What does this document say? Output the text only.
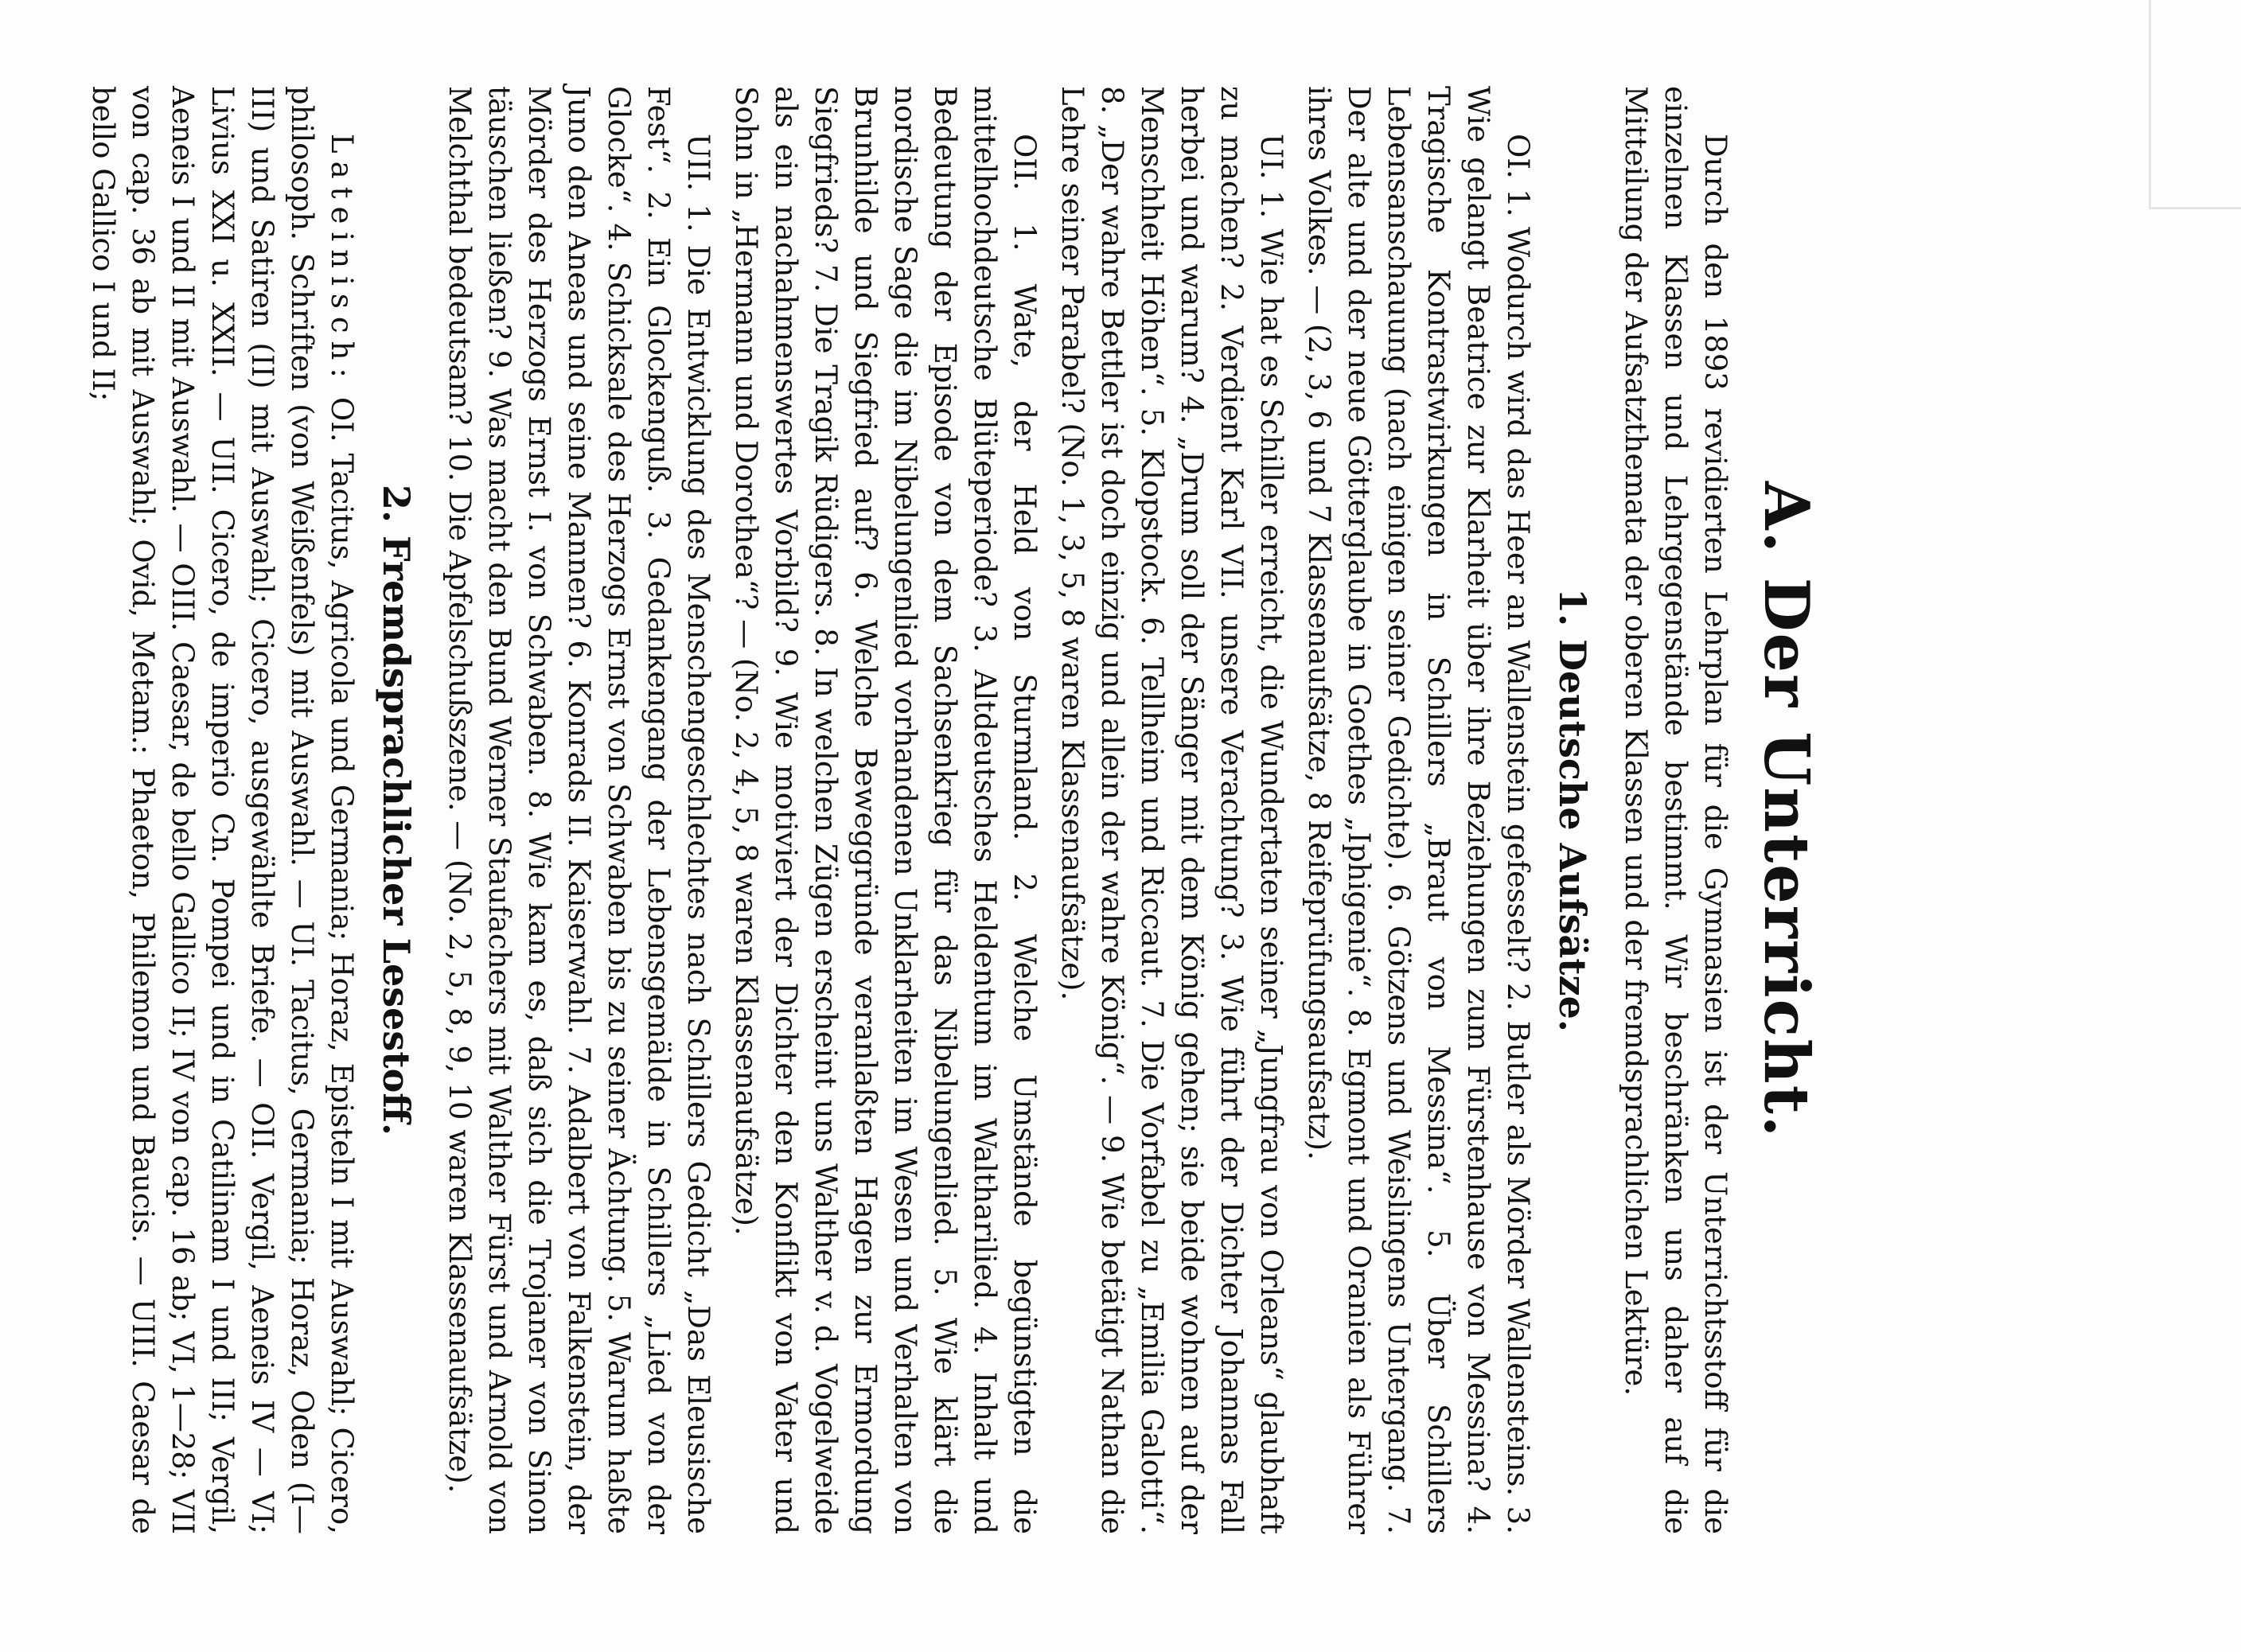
A. Der Unterricht.

Durch den 1893 revidierten Lehrplan für die Gymnasien ist der Unterrichtsstoff für die einzelnen Klassen und Lehrgegenstände bestimmt. Wir beschränken uns daher auf die Mitteilung der Aufsatzthemata der oberen Klassen und der fremdsprachlichen Lektüre.

1. Deutsche Aufsätze.

OI. 1. Wodurch wird das Heer an Wallenstein gefesselt? 2. Butler als Mörder Wallensteins. 3. Wie gelangt Beatrice zur Klarheit über ihre Beziehungen zum Fürstenhause von Messina? 4. Tragische Kontrastwirkungen in Schillers „Braut von Messina“. 5. Über Schillers Lebensanschauung (nach einigen seiner Gedichte). 6. Götzens und Weislingens Untergang. 7. Der alte und der neue Götterglaube in Goethes „Iphigenie“. 8. Egmont und Oranien als Führer ihres Volkes. — (2, 3, 6 und 7 Klassenaufsätze, 8 Reifeprüfungsaufsatz).

UI. 1. Wie hat es Schiller erreicht, die Wundertaten seiner „Jungfrau von Orleans“ glaubhaft zu machen? 2. Verdient Karl VII. unsere Verachtung? 3. Wie führt der Dichter Johannas Fall herbei und warum? 4. „Drum soll der Sänger mit dem König gehen; sie beide wohnen auf der Menschheit Höhen“. 5. Klopstock. 6. Tellheim und Riccaut. 7. Die Vorfabel zu „Emilia Galotti“. 8. „Der wahre Bettler ist doch einzig und allein der wahre König“. — 9. Wie betätigt Nathan die Lehre seiner Parabel? (No. 1, 3, 5, 8 waren Klassenaufsätze).

OII. 1. Wate, der Held von Sturmland. 2. Welche Umstände begünstigten die mittelhochdeutsche Blüteperiode? 3. Altdeutsches Heldentum im Waltharilied. 4. Inhalt und Bedeutung der Episode von dem Sachsenkrieg für das Nibelungenlied. 5. Wie klärt die nordische Sage die im Nibelungenlied vorhandenen Unklarheiten im Wesen und Verhalten von Brunhilde und Siegfried auf? 6. Welche Beweggründe veranlaßten Hagen zur Ermordung Siegfrieds? 7. Die Tragik Rüdigers. 8. In welchen Zügen erscheint uns Walther v. d. Vogelweide als ein nachahmenswertes Vorbild? 9. Wie motiviert der Dichter den Konflikt von Vater und Sohn in „Hermann und Dorothea“? — (No. 2, 4, 5, 8 waren Klassenaufsätze).

UII. 1. Die Entwicklung des Menschengeschlechtes nach Schillers Gedicht „Das Eleusische Fest“. 2. Ein Glockenguß. 3. Gedankengang der Lebensgemälde in Schillers „Lied von der Glocke“. 4. Schicksale des Herzogs Ernst von Schwaben bis zu seiner Ächtung. 5. Warum haßte Juno den Aneas und seine Mannen? 6. Konrads II. Kaiserwahl. 7. Adalbert von Falkenstein, der Mörder des Herzogs Ernst I. von Schwaben. 8. Wie kam es, daß sich die Trojaner von Sinon täuschen ließen? 9. Was macht den Bund Werner Staufachers mit Walther Fürst und Arnold von Melchthal bedeutsam? 10. Die Apfelschußszene. — (No. 2, 5, 8, 9, 10 waren Klassenaufsätze).

2. Fremdsprachlicher Lesestoff.

Lateinisch: OI. Tacitus, Agricola und Germania; Horaz, Episteln I mit Auswahl; Cicero, philosoph. Schriften (von Weißenfels) mit Auswahl. — UI. Tacitus, Germania; Horaz, Oden (I—III) und Satiren (II) mit Auswahl; Cicero, ausgewählte Briefe. — OII. Vergil, Aeneis IV — VI; Livius XXI u. XXII. — UII. Cicero, de imperio Cn. Pompei und in Catilinam I und III; Vergil, Aeneis I und II mit Auswahl. — OIII. Caesar, de bello Gallico II; IV von cap. 16 ab; VI, 1—28; VII von cap. 36 ab mit Auswahl; Ovid, Metam.: Phaeton, Philemon und Baucis. — UIII. Caesar de bello Gallico I und II;
